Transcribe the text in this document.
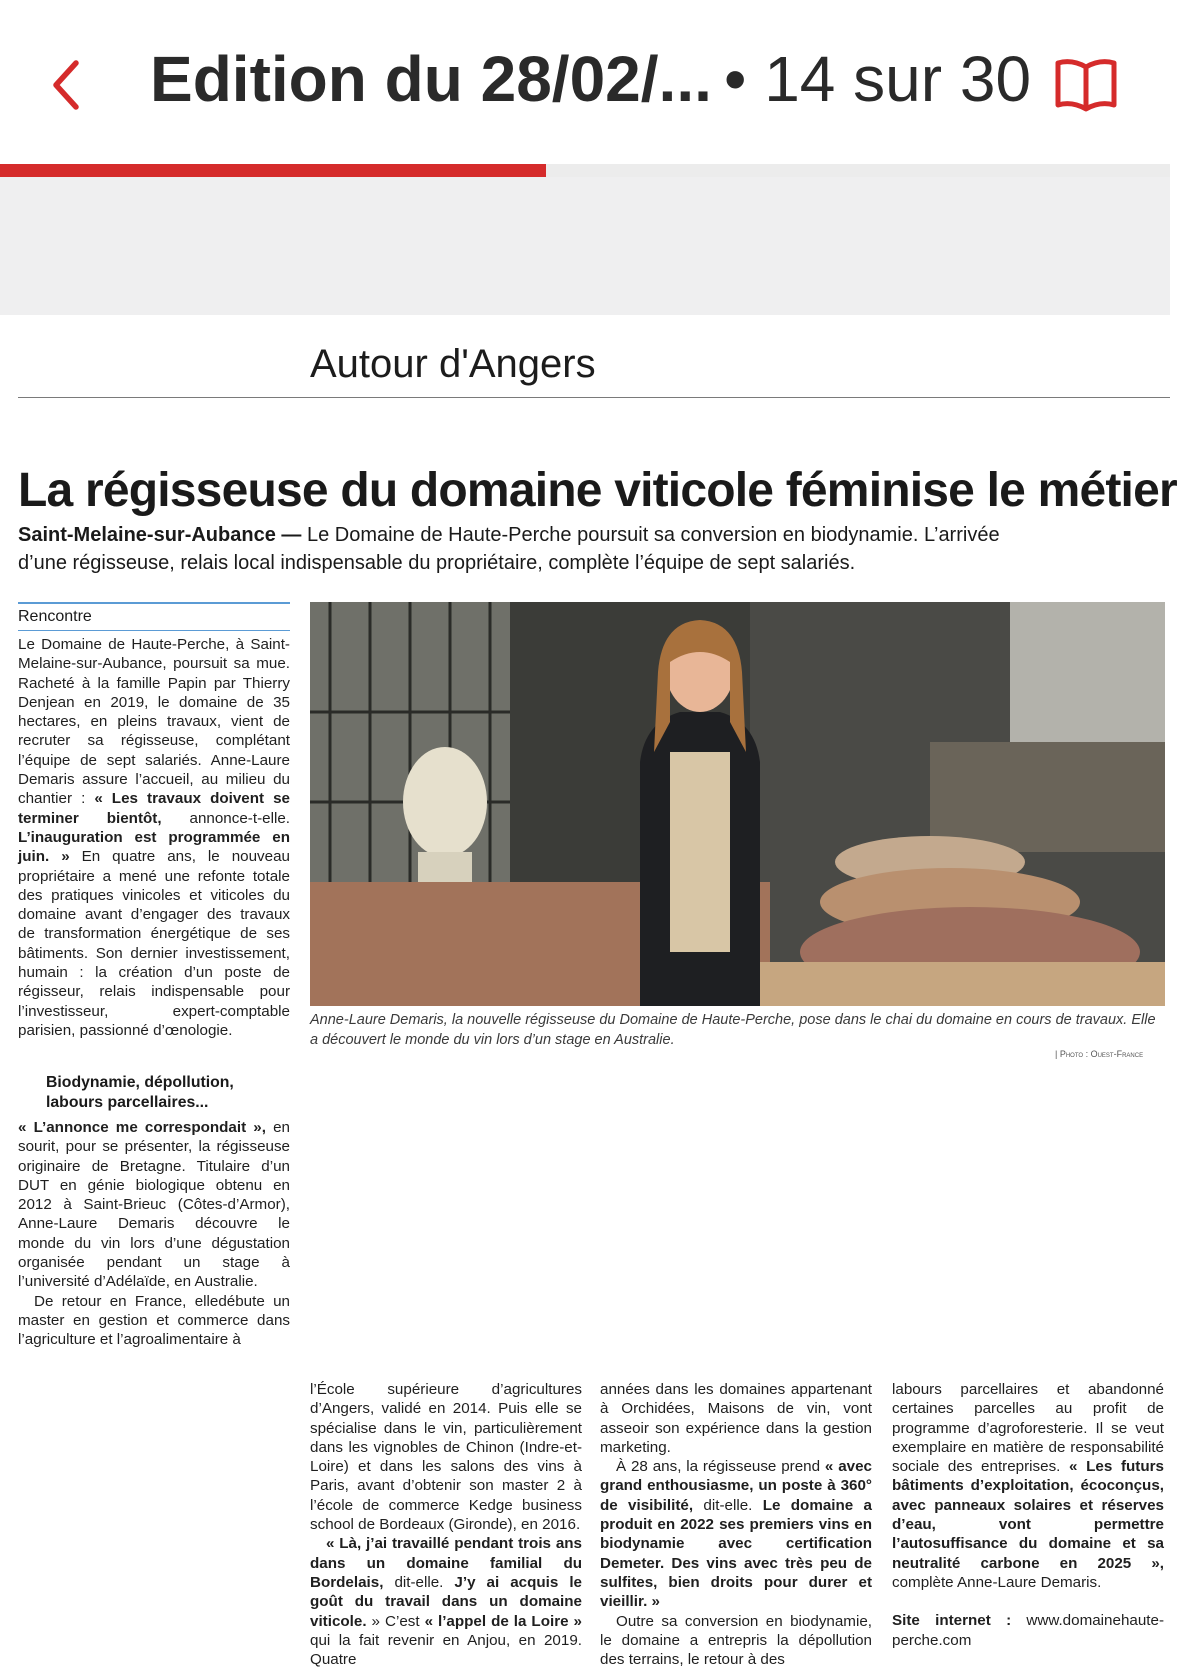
Edition du 28/02/... • 14 sur 30
Autour d'Angers
La régisseuse du domaine viticole féminise le métier
Saint-Melaine-sur-Aubance — Le Domaine de Haute-Perche poursuit sa conversion en biodynamie. L’arrivée d’une régisseuse, relais local indispensable du propriétaire, complète l’équipe de sept salariés.
Rencontre

Le Domaine de Haute-Perche, à Saint-Melaine-sur-Aubance, poursuit sa mue. Racheté à la famille Papin par Thierry Denjean en 2019, le domaine de 35 hectares, en pleins travaux, vient de recruter sa régisseuse, complétant l’équipe de sept salariés. Anne-Laure Demaris assure l’accueil, au milieu du chantier : « Les travaux doivent se terminer bientôt, annonce-t-elle. L’inauguration est programmée en juin. » En quatre ans, le nouveau propriétaire a mené une refonte totale des pratiques vinicoles et viticoles du domaine avant d’engager des travaux de transformation énergétique de ses bâtiments. Son dernier investissement, humain : la création d’un poste de régisseur, relais indispensable pour l’investisseur, expert-comptable parisien, passionné d’œnologie.

Biodynamie, dépollution, labours parcellaires...

« L’annonce me correspondait », en sourit, pour se présenter, la régisseuse originaire de Bretagne. Titulaire d’un DUT en génie biologique obtenu en 2012 à Saint-Brieuc (Côtes-d’Armor), Anne-Laure Demaris découvre le monde du vin lors d’une dégustation organisée pendant un stage à l’université d’Adélaïde, en Australie.

De retour en France, elledébute un master en gestion et commerce dans l’agriculture et l’agroalimentaire à

Anne-Laure Demaris, la nouvelle régisseuse du Domaine de Haute-Perche, pose dans le chai du domaine en cours de travaux. Elle a découvert le monde du vin lors d’un stage en Australie.
| Photo : Ouest-France

l’École supérieure d’agricultures d’Angers, validé en 2014. Puis elle se spécialise dans le vin, particulièrement dans les vignobles de Chinon (Indre-et-Loire) et dans les salons des vins à Paris, avant d’obtenir son master 2 à l’école de commerce Kedge business school de Bordeaux (Gironde), en 2016.

« Là, j’ai travaillé pendant trois ans dans un domaine familial du Bordelais, dit-elle. J’y ai acquis le goût du travail dans un domaine viticole. » C’est « l’appel de la Loire » qui la fait revenir en Anjou, en 2019. Quatre

années dans les domaines appartenant à Orchidées, Maisons de vin, vont asseoir son expérience dans la gestion marketing.

À 28 ans, la régisseuse prend « avec grand enthousiasme, un poste à 360° de visibilité, dit-elle. Le domaine a produit en 2022 ses premiers vins en biodynamie avec certification Demeter. Des vins avec très peu de sulfites, bien droits pour durer et vieillir. »

Outre sa conversion en biodynamie, le domaine a entrepris la dépollution des terrains, le retour à des

labours parcellaires et abandonné certaines parcelles au profit de programme d’agroforesterie. Il se veut exemplaire en matière de responsabilité sociale des entreprises. « Les futurs bâtiments d’exploitation, écoconçus, avec panneaux solaires et réserves d’eau, vont permettre l’autosuffisance du domaine et sa neutralité carbone en 2025 », complète Anne-Laure Demaris.

Site internet : www.domainehaute-perche.com
